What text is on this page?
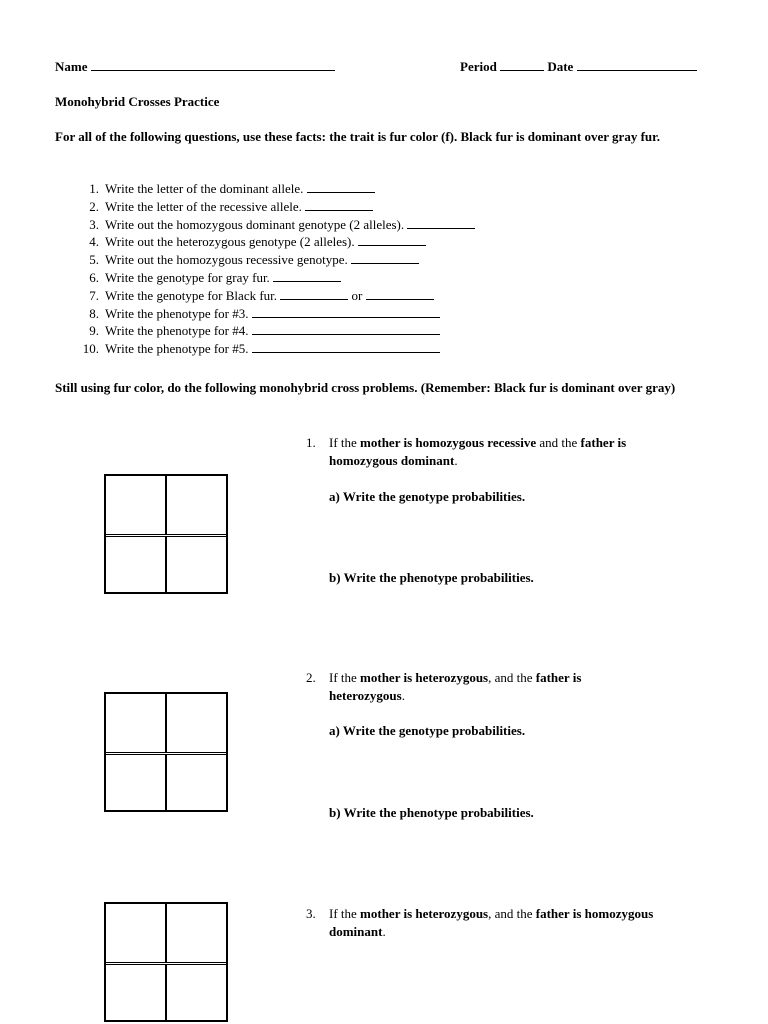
Name	Period	Date
Monohybrid Crosses Practice
For all of the following questions, use these facts: the trait is fur color (f). Black fur is dominant over gray fur.
1. Write the letter of the dominant allele.
2. Write the letter of the recessive allele.
3. Write out the homozygous dominant genotype (2 alleles).
4. Write out the heterozygous genotype (2 alleles).
5. Write out the homozygous recessive genotype.
6. Write the genotype for gray fur.
7. Write the genotype for Black fur.	or
8. Write the phenotype for #3.
9. Write the phenotype for #4.
10. Write the phenotype for #5.
Still using fur color, do the following monohybrid cross problems. (Remember: Black fur is dominant over gray)
1. If the mother is homozygous recessive and the father is
homozygous dominant.
a) Write the genotype probabilities.
b) Write the phenotype probabilities.
2. If the mother is heterozygous, and the father is
heterozygous.
a) Write the genotype probabilities.
b) Write the phenotype probabilities.
3. If the mother is heterozygous, and the father is homozygous
dominant.
